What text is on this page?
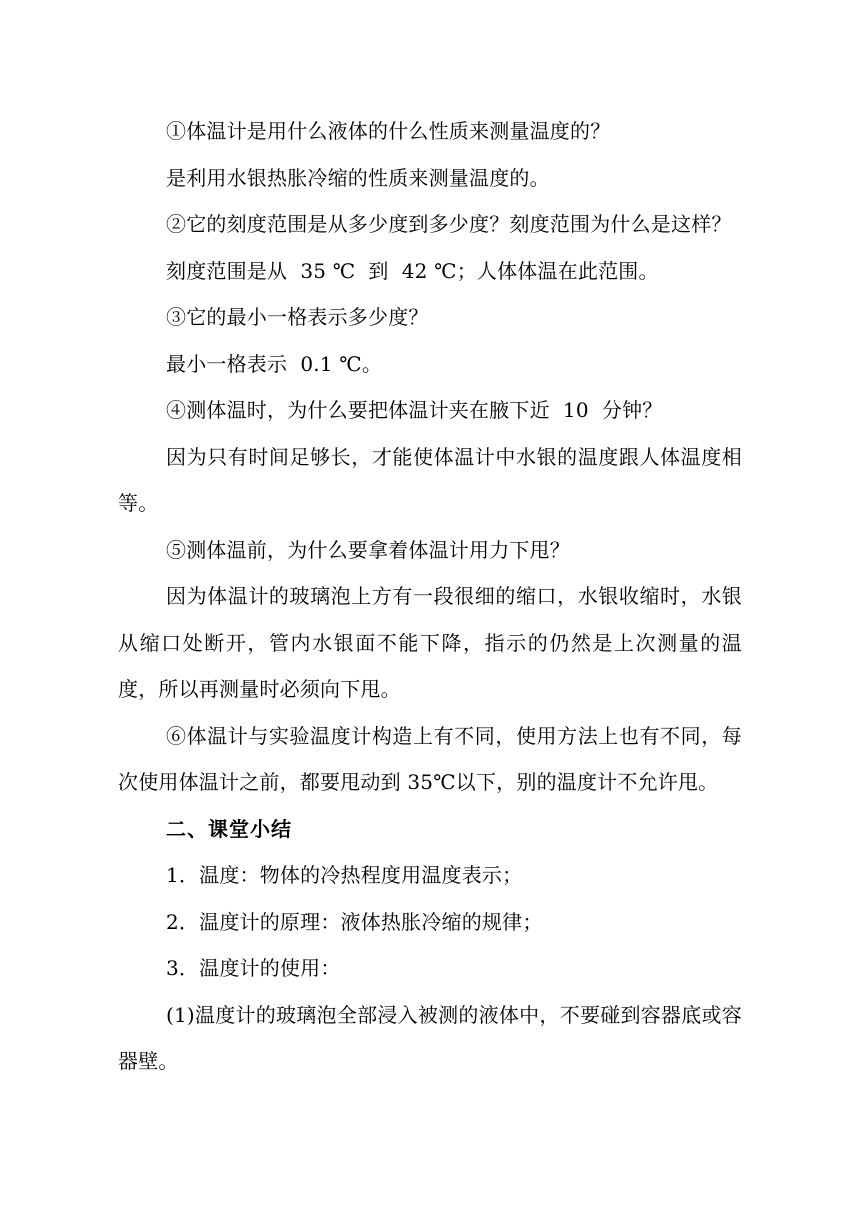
①体温计是用什么液体的什么性质来测量温度的？

是利用水银热胀冷缩的性质来测量温度的。

②它的刻度范围是从多少度到多少度？刻度范围为什么是这样？

刻度范围是从  35 ℃  到  42 ℃；人体体温在此范围。

③它的最小一格表示多少度？

最小一格表示  0.1 ℃。

④测体温时，为什么要把体温计夹在腋下近  10  分钟？

因为只有时间足够长，才能使体温计中水银的温度跟人体温度相等。

⑤测体温前，为什么要拿着体温计用力下甩？

因为体温计的玻璃泡上方有一段很细的缩口，水银收缩时，水银从缩口处断开，管内水银面不能下降，指示的仍然是上次测量的温度，所以再测量时必须向下甩。

⑥体温计与实验温度计构造上有不同，使用方法上也有不同，每次使用体温计之前，都要甩动到 35℃以下，别的温度计不允许甩。

二、课堂小结

1．温度：物体的冷热程度用温度表示；

2．温度计的原理：液体热胀冷缩的规律；

3．温度计的使用：

(1)温度计的玻璃泡全部浸入被测的液体中，不要碰到容器底或容器壁。
